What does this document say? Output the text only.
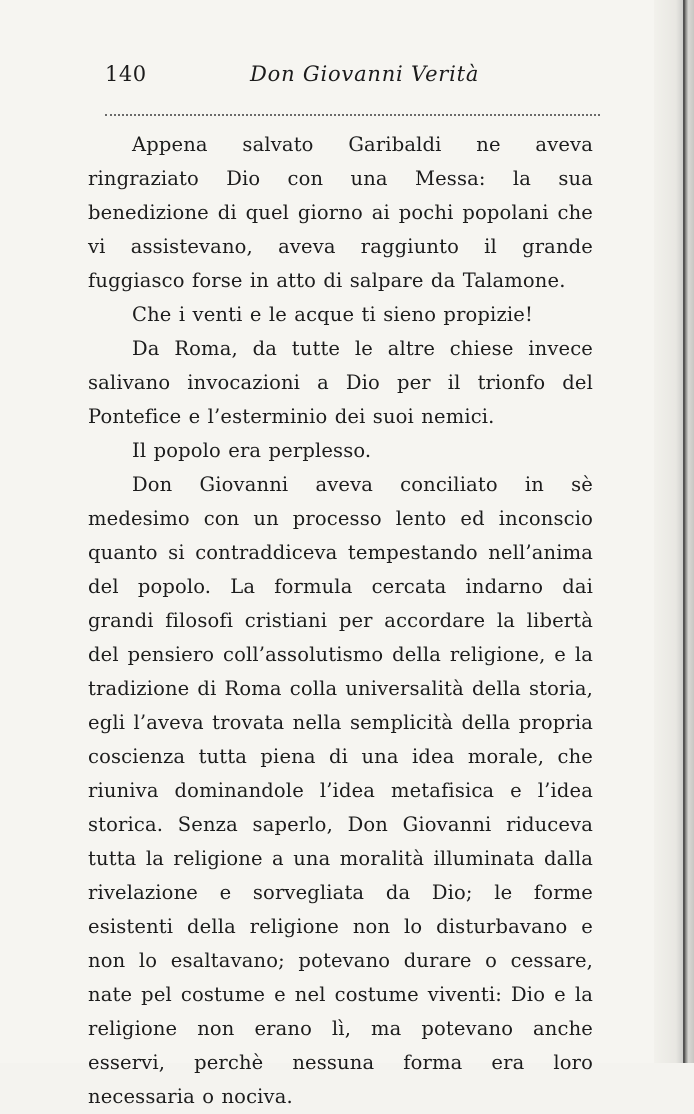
140	Don Giovanni Verità

Appena salvato Garibaldi ne aveva ringraziato Dio con una Messa: la sua benedizione di quel giorno ai pochi popolani che vi assistevano, aveva raggiunto il grande fuggiasco forse in atto di salpare da Talamone.

Che i venti e le acque ti sieno propizie!

Da Roma, da tutte le altre chiese invece salivano invocazioni a Dio per il trionfo del Pontefice e l’esterminio dei suoi nemici.

Il popolo era perplesso.

Don Giovanni aveva conciliato in sè medesimo con un processo lento ed inconscio quanto si contraddiceva tempestando nell’anima del popolo. La formula cercata indarno dai grandi filosofi cristiani per accordare la libertà del pensiero coll’assolutismo della religione, e la tradizione di Roma colla universalità della storia, egli l’aveva trovata nella semplicità della propria coscienza tutta piena di una idea morale, che riuniva dominandole l’idea metafisica e l’idea storica. Senza saperlo, Don Giovanni riduceva tutta la religione a una moralità illuminata dalla rivelazione e sorvegliata da Dio; le forme esistenti della religione non lo disturbavano e non lo esaltavano; potevano durare o cessare, nate pel costume e nel costume viventi: Dio e la religione non erano lì, ma potevano anche esservi, perchè nessuna forma era loro necessaria o nociva.
